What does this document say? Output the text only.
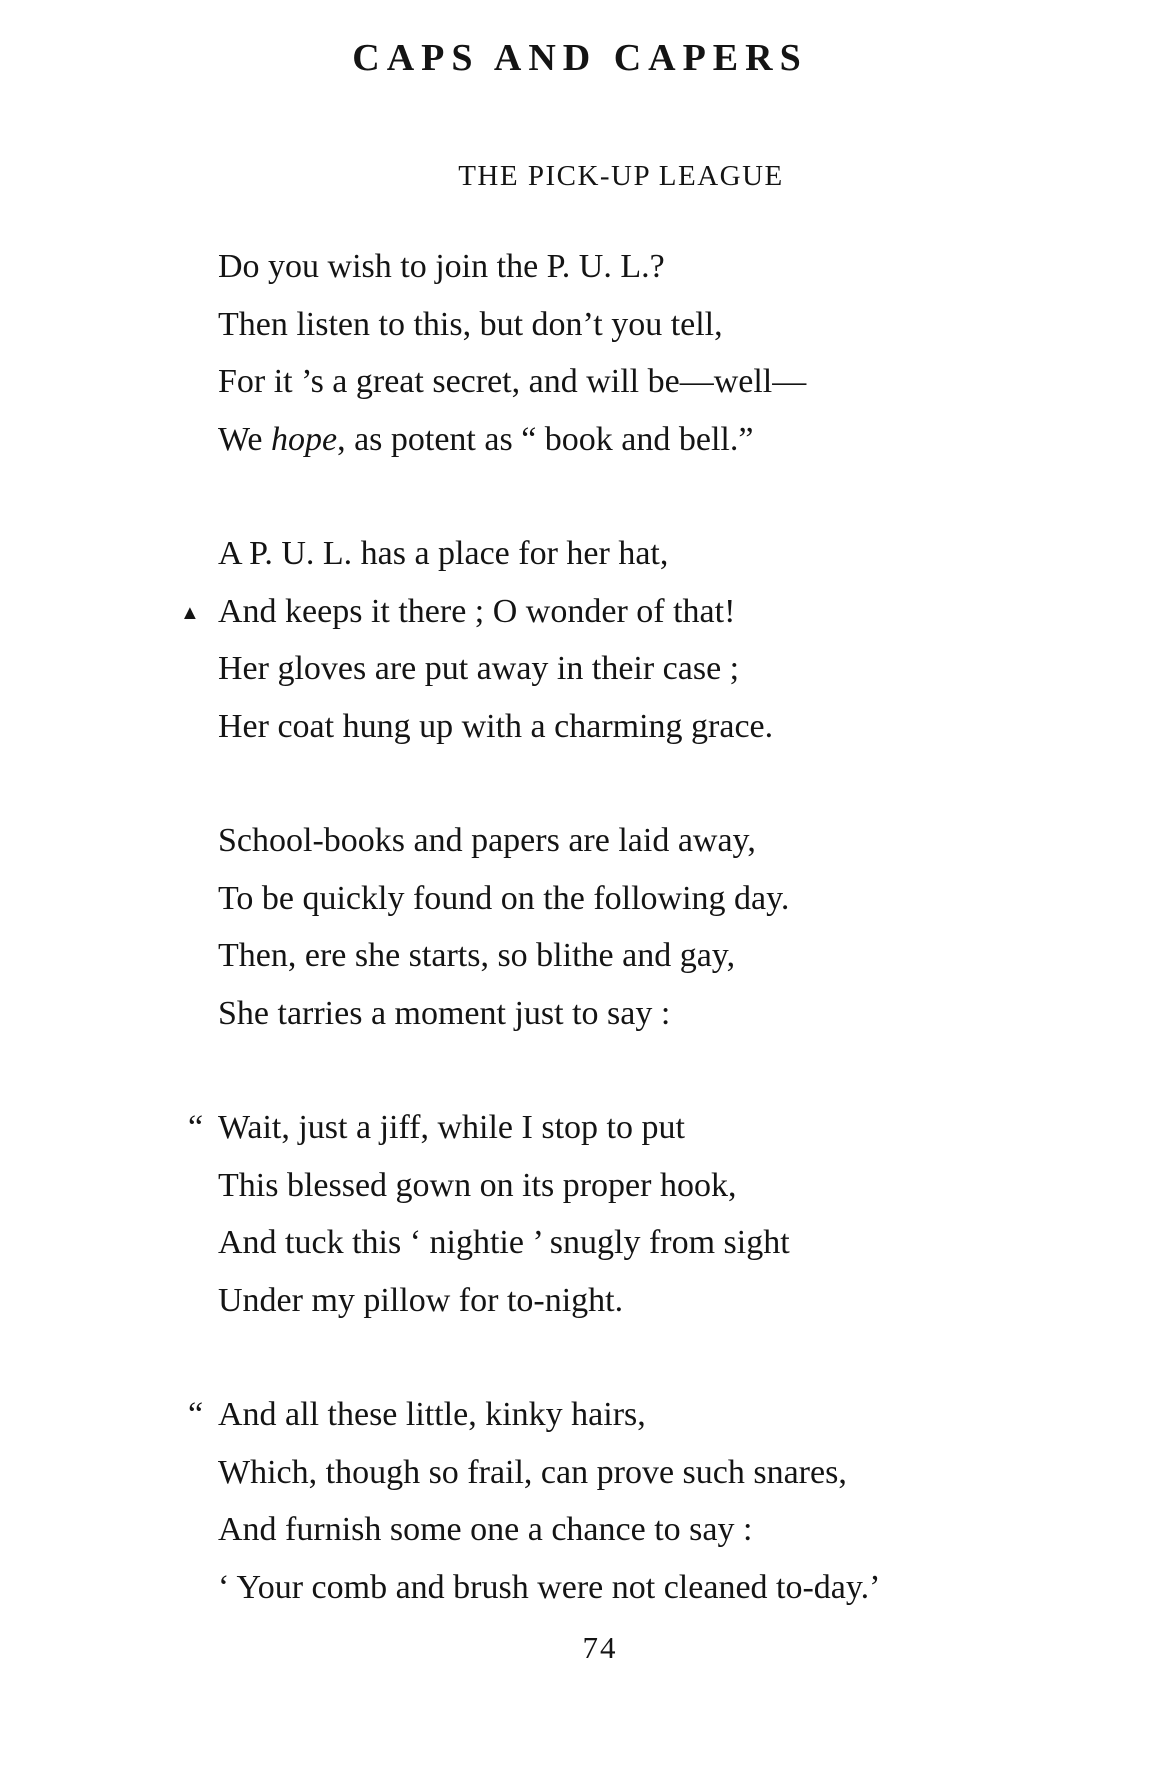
CAPS AND CAPERS
THE PICK-UP LEAGUE
Do you wish to join the P. U. L.?
Then listen to this, but don’t you tell,
For it ’s a great secret, and will be—well—
We hope, as potent as “ book and bell.”
A P. U. L. has a place for her hat,
▲ And keeps it there ; O wonder of that!
Her gloves are put away in their case ;
Her coat hung up with a charming grace.
School-books and papers are laid away,
To be quickly found on the following day.
Then, ere she starts, so blithe and gay,
She tarries a moment just to say :
“ Wait, just a jiff, while I stop to put
This blessed gown on its proper hook,
And tuck this ‘ nightie ’ snugly from sight
Under my pillow for to-night.
“ And all these little, kinky hairs,
Which, though so frail, can prove such snares,
And furnish some one a chance to say :
‘ Your comb and brush were not cleaned to-day.’
74
